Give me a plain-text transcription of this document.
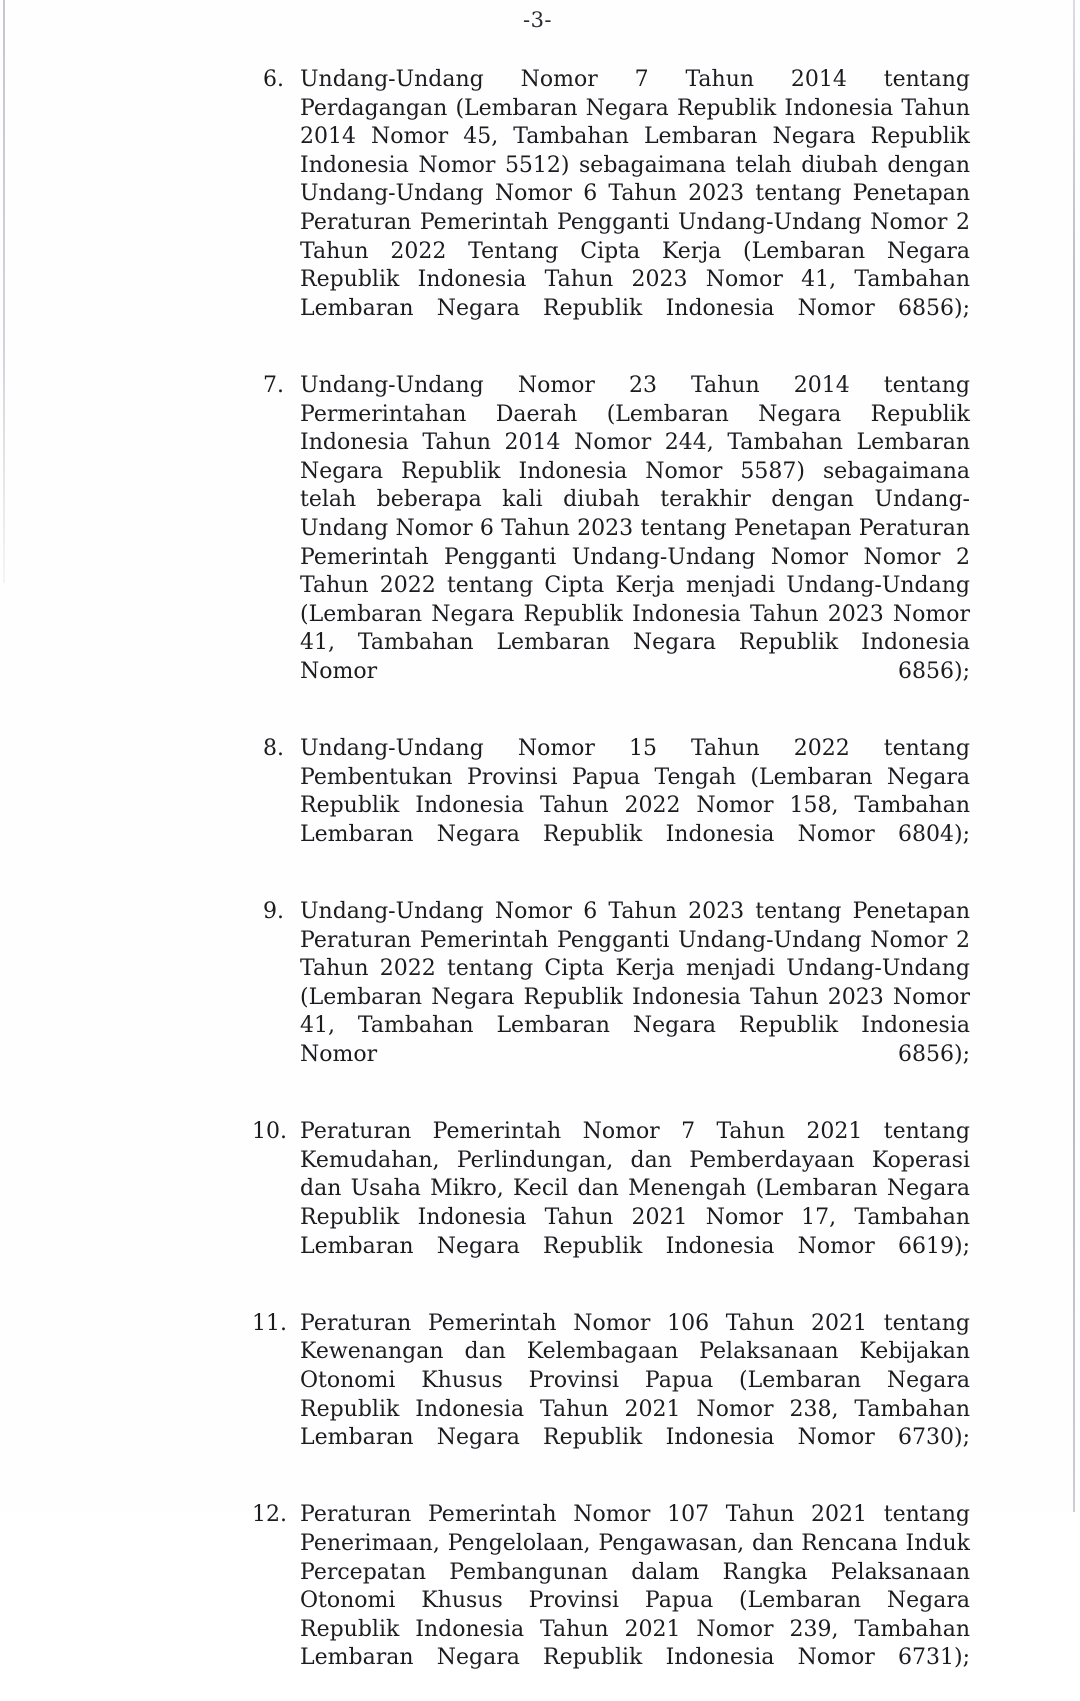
-3-
6. Undang-Undang Nomor 7 Tahun 2014 tentang Perdagangan (Lembaran Negara Republik Indonesia Tahun 2014 Nomor 45, Tambahan Lembaran Negara Republik Indonesia Nomor 5512) sebagaimana telah diubah dengan Undang-Undang Nomor 6 Tahun 2023 tentang Penetapan Peraturan Pemerintah Pengganti Undang-Undang Nomor 2 Tahun 2022 Tentang Cipta Kerja (Lembaran Negara Republik Indonesia Tahun 2023 Nomor 41, Tambahan Lembaran Negara Republik Indonesia Nomor 6856);
7. Undang-Undang Nomor 23 Tahun 2014 tentang Permerintahan Daerah (Lembaran Negara Republik Indonesia Tahun 2014 Nomor 244, Tambahan Lembaran Negara Republik Indonesia Nomor 5587) sebagaimana telah beberapa kali diubah terakhir dengan Undang-Undang Nomor 6 Tahun 2023 tentang Penetapan Peraturan Pemerintah Pengganti Undang-Undang Nomor Nomor 2 Tahun 2022 tentang Cipta Kerja menjadi Undang-Undang (Lembaran Negara Republik Indonesia Tahun 2023 Nomor 41, Tambahan Lembaran Negara Republik Indonesia Nomor 6856);
8. Undang-Undang Nomor 15 Tahun 2022 tentang Pembentukan Provinsi Papua Tengah (Lembaran Negara Republik Indonesia Tahun 2022 Nomor 158, Tambahan Lembaran Negara Republik Indonesia Nomor 6804);
9. Undang-Undang Nomor 6 Tahun 2023 tentang Penetapan Peraturan Pemerintah Pengganti Undang-Undang Nomor 2 Tahun 2022 tentang Cipta Kerja menjadi Undang-Undang (Lembaran Negara Republik Indonesia Tahun 2023 Nomor 41, Tambahan Lembaran Negara Republik Indonesia Nomor 6856);
10. Peraturan Pemerintah Nomor 7 Tahun 2021 tentang Kemudahan, Perlindungan, dan Pemberdayaan Koperasi dan Usaha Mikro, Kecil dan Menengah (Lembaran Negara Republik Indonesia Tahun 2021 Nomor 17, Tambahan Lembaran Negara Republik Indonesia Nomor 6619);
11. Peraturan Pemerintah Nomor 106 Tahun 2021 tentang Kewenangan dan Kelembagaan Pelaksanaan Kebijakan Otonomi Khusus Provinsi Papua (Lembaran Negara Republik Indonesia Tahun 2021 Nomor 238, Tambahan Lembaran Negara Republik Indonesia Nomor 6730);
12. Peraturan Pemerintah Nomor 107 Tahun 2021 tentang Penerimaan, Pengelolaan, Pengawasan, dan Rencana Induk Percepatan Pembangunan dalam Rangka Pelaksanaan Otonomi Khusus Provinsi Papua (Lembaran Negara Republik Indonesia Tahun 2021 Nomor 239, Tambahan Lembaran Negara Republik Indonesia Nomor 6731);
